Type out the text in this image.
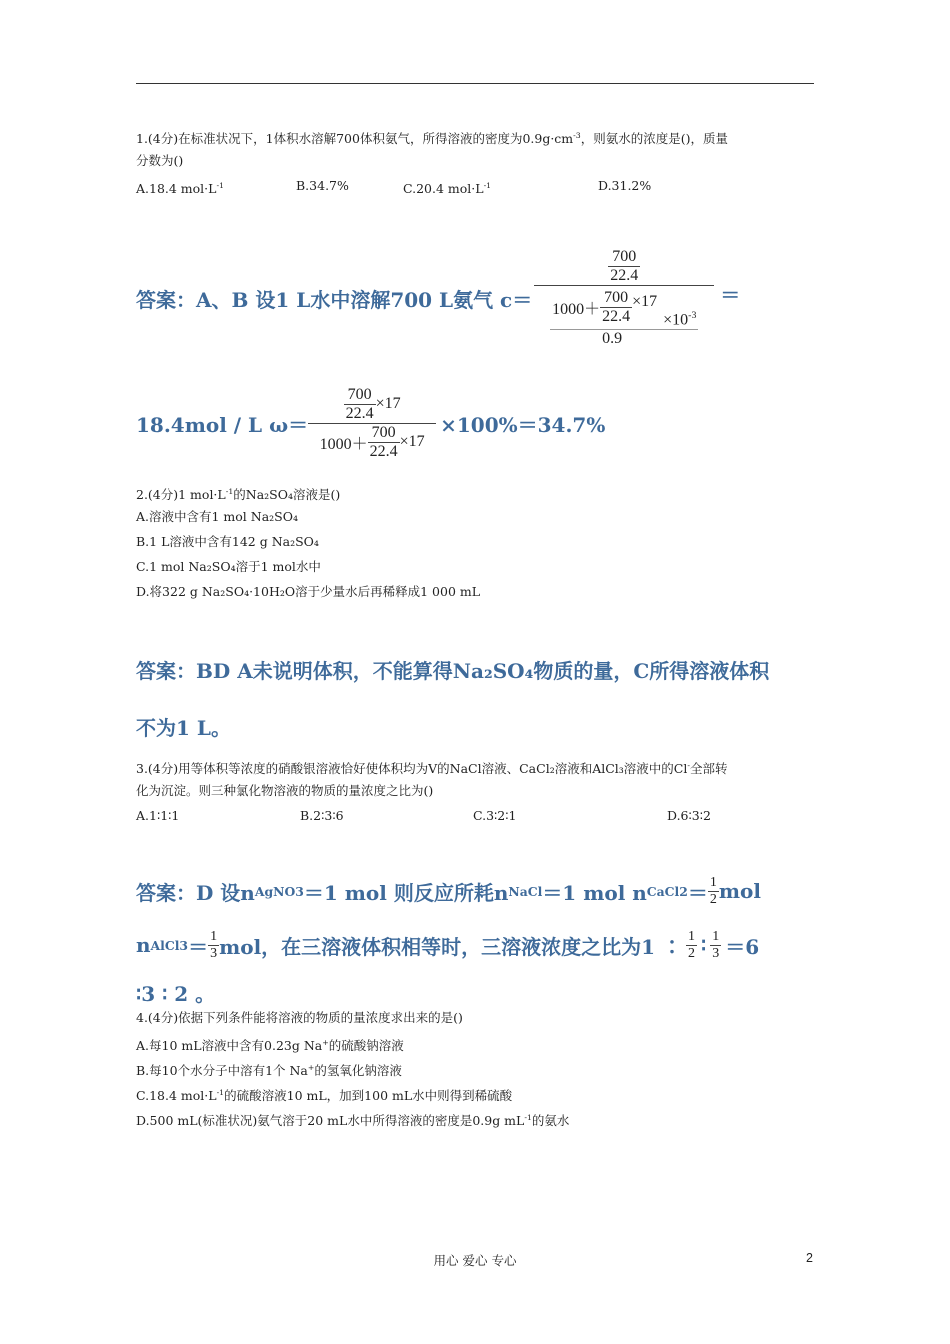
1.(4分)在标准状况下，1体积水溶解700体积氨气，所得溶液的密度为$0.9g\cdot cm^{-3}$，则氨水的浓度是()，质量
分数为()
A.18.4 $mol\cdot L^{-1}$	B.34.7%	C.20.4 $mol\cdot L^{-1}$	D.31.2%
答案：A、B 设1 L水中溶解700 L氨气 c＝
$\frac{700}{22.4}$
$1000+ \frac{700}{22.4} \times 17$
$\times 10^{-3}$
0.9
＝
18.4mol / L ω＝
$\frac{700}{22.4} \times 17$
$1000+ \frac{700}{22.4} \times 17$
×100%＝34.7%
2.(4分)1 $mol\cdot L^{-1}$的Na₂SO₄溶液是()
A.溶液中含有1 mol Na₂SO₄
B.1 L溶液中含有142 g Na₂SO₄
C.1 mol Na₂SO₄溶于1 mol水中
D.将322 g Na₂SO₄·10H₂O溶于少量水后再稀释成1 000 mL
答案：BD A未说明体积，不能算得Na₂SO₄物质的量，C所得溶液体积
不为1 L。
3.(4分)用等体积等浓度的硝酸银溶液恰好使体积均为V的NaCl溶液、CaCl₂溶液和AlCl₃溶液中的Cl-全部转
化为沉淀。则三种氯化物溶液的物质的量浓度之比为()
A.1∶1∶1	B.2∶3∶6	C.3∶2∶1	D.6∶3∶2
答案：D 设n AgNO3 ＝1 mol 则反应所耗n NaCl ＝1 mol n CaCl2 ＝ $\frac{1}{2}$ mol
n AlCl3 ＝ $\frac{1}{3}$ mol，在三溶液体积相等时，三溶液浓度之比为1 ∶ $\frac{1}{2}$ ∶ $\frac{1}{3} =6$
∶3 ∶ 2 。
4.(4分)依据下列条件能将溶液的物质的量浓度求出来的是()
A.每10 mL溶液中含有0.23g Na+的硫酸钠溶液
B.每10个水分子中溶有1个 Na+的氢氧化钠溶液
C.18.4 $mol\cdot L^{-1}$的硫酸溶液10 mL，加到100 mL水中则得到稀硫酸
D.500 mL(标准状况)氨气溶于20 mL水中所得溶液的密度是0.9g $mL^{-1}$的氨水
用心 爱心 专心	2
